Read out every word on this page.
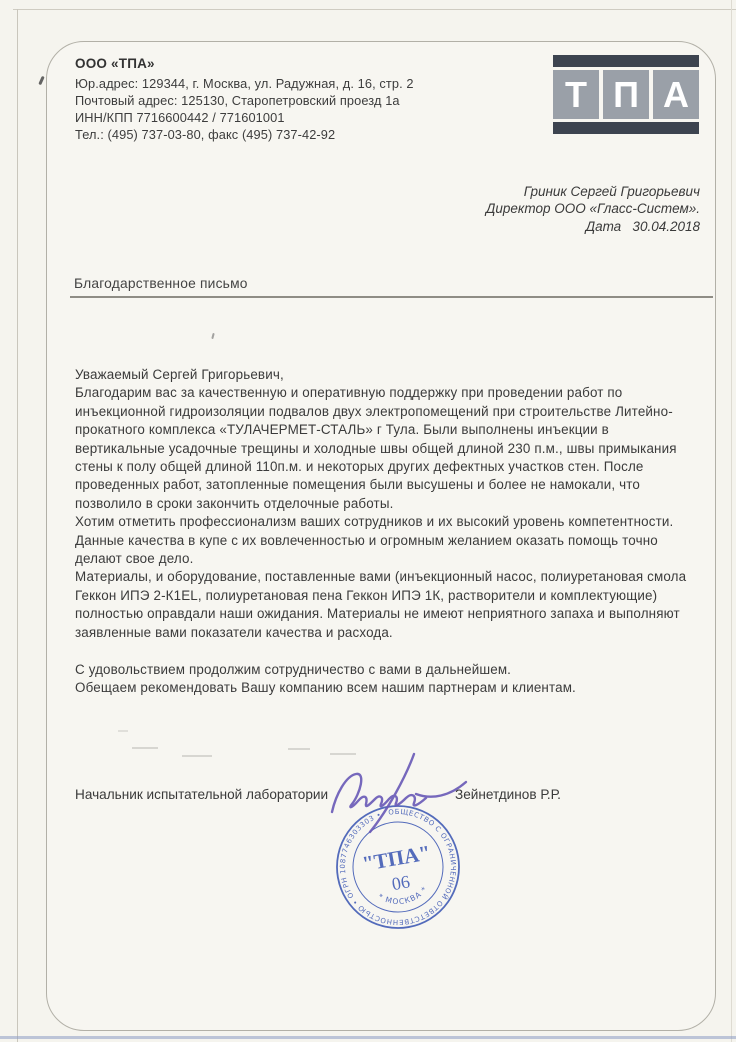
ООО «ТПА»
Юр.адрес: 129344, г. Москва, ул. Радужная, д. 16, стр. 2
Почтовый адрес: 125130, Старопетровский проезд 1а
ИНН/КПП 7716600442 / 771601001
Тел.: (495) 737-03-80, факс (495) 737-42-92
Т П А
Гриник Сергей Григорьевич
Директор ООО «Гласс-Систем».
Дата   30.04.2018
Благодарственное письмо
Уважаемый Сергей Григорьевич,
Благодарим вас за качественную и оперативную поддержку при проведении работ по
инъекционной гидроизоляции подвалов двух электропомещений при строительстве Литейно-
прокатного комплекса «ТУЛАЧЕРМЕТ-СТАЛЬ» г Тула. Были выполнены инъекции в
вертикальные усадочные трещины и холодные швы общей длиной 230 п.м., швы примыкания
стены к полу общей длиной 110п.м. и некоторых других дефектных участков стен. После
проведенных работ, затопленные помещения были высушены и более не намокали, что
позволило в сроки закончить отделочные работы.
Хотим отметить профессионализм ваших сотрудников и их высокий уровень компетентности.
Данные качества в купе с их вовлеченностью и огромным желанием оказать помощь точно
делают свое дело.
Материалы, и оборудование, поставленные вами (инъекционный насос, полиуретановая смола
Геккон ИПЭ 2-К1EL, полиуретановая пена Геккон ИПЭ 1К, растворители и комплектующие)
полностью оправдали наши ожидания. Материалы не имеют неприятного запаха и выполняют
заявленные вами показатели качества и расхода.

С удовольствием продолжим сотрудничество с вами в дальнейшем.
Обещаем рекомендовать Вашу компанию всем нашим партнерам и клиентам.
Начальник испытательной лаборатории	Зейнетдинов Р.Р.
ОБЩЕСТВО С ОГРАНИЧЕННОЙ ОТВЕТСТВЕННОСТЬЮ • ОГРН 1087746303303 •
* МОСКВА *
"ТПА"
06
